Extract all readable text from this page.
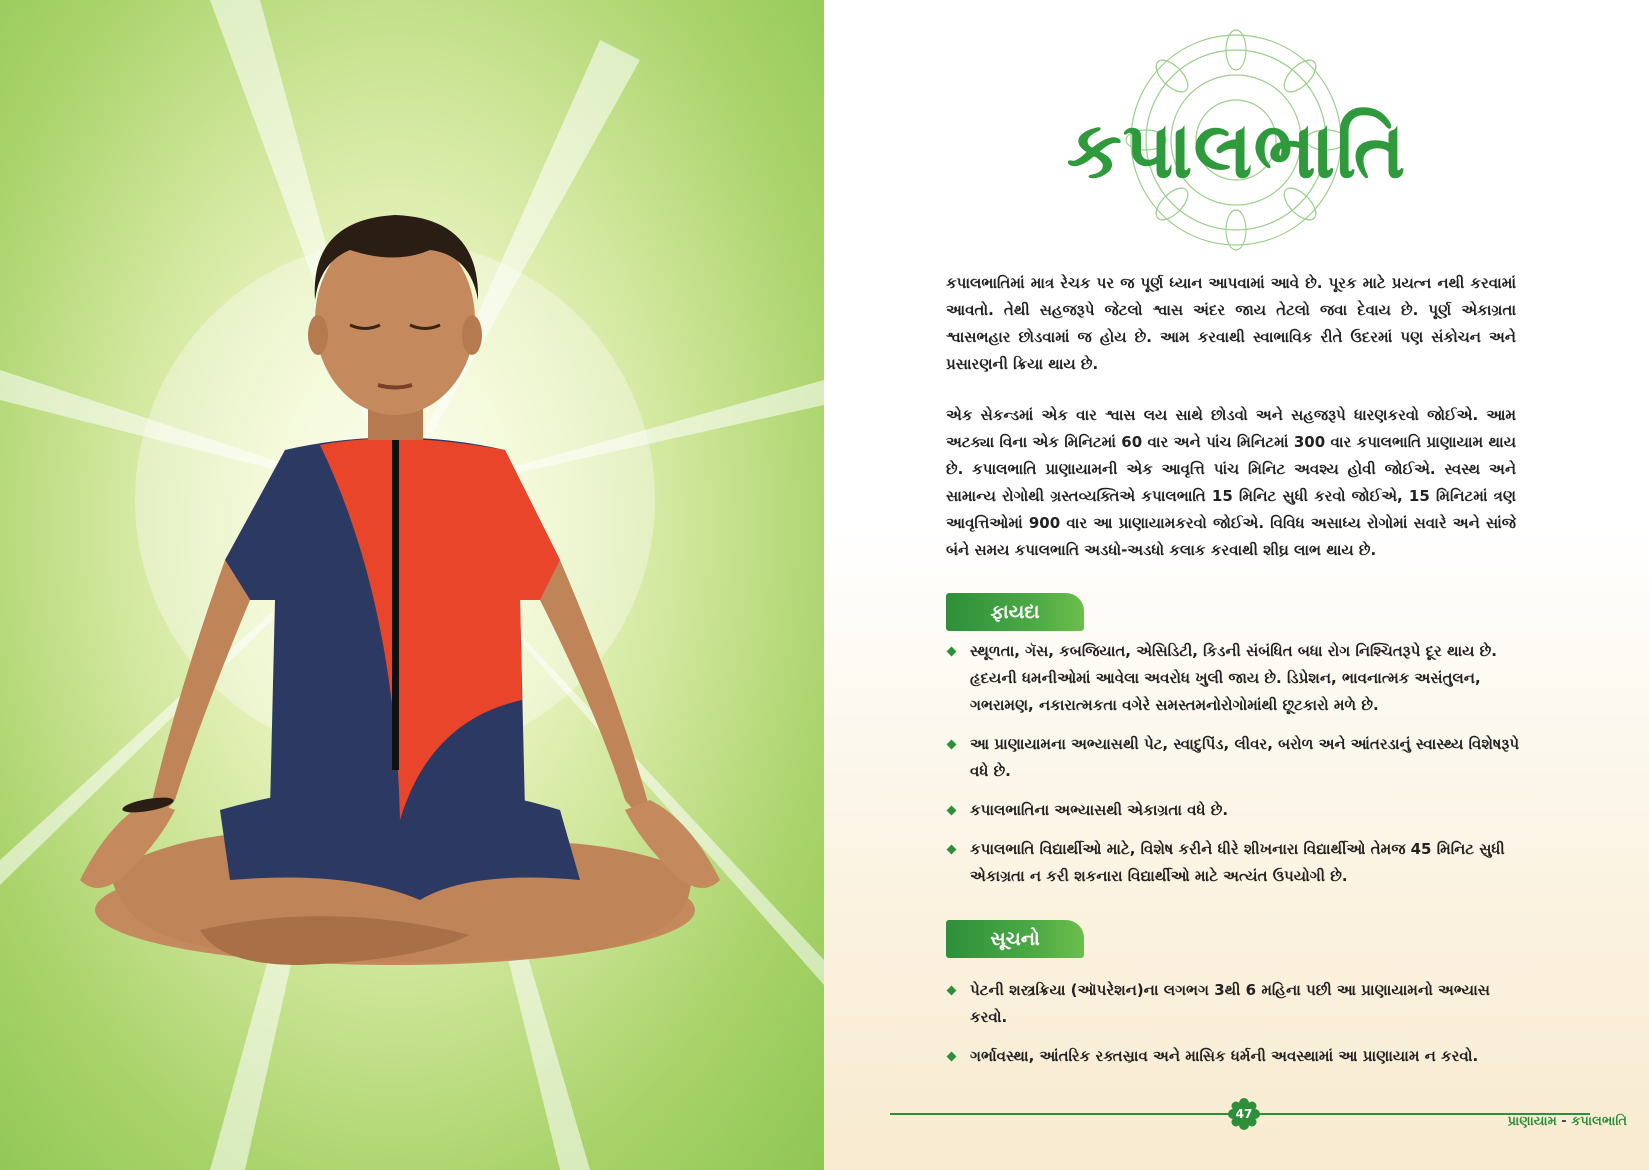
કપાલભાતિ

કપાલભાતિમાં માત્ર રેચક પર જ પૂર્ણ ધ્યાન આપવામાં આવે છે. પૂરક માટે પ્રયત્ન નથી કરવામાં આવતો. તેથી સહજરૂપે જેટલો શ્વાસ અંદર જાય તેટલો જવા દેવાય છે. પૂર્ણ એકાગ્રતા શ્વાસભહાર છોડવામાં જ હોય છે. આમ કરવાથી સ્વાભાવિક રીતે ઉદરમાં પણ સંકોચન અને પ્રસારણની ક્રિયા થાય છે.

એક સેકન્ડમાં એક વાર શ્વાસ લય સાથે છોડવો અને સહજરૂપે ધારણકરવો જોઈએ. આમ અટક્યા વિના એક મિનિટમાં 60 વાર અને પાંચ મિનિટમાં 300 વાર કપાલભાતિ પ્રાણાયામ થાય છે. કપાલભાતિ પ્રાણાયામની એક આવૃત્તિ પાંચ મિનિટ અવશ્ય હોવી જોઈએ. સ્વસ્થ અને સામાન્ય રોગોથી ગ્રસ્તવ્યક્તિએ કપાલભાતિ 15 મિનિટ સુધી કરવો જોઈએ, 15 મિનિટમાં ત્રણ આવૃત્તિઓમાં 900 વાર આ પ્રાણાયામકરવો જોઈએ. વિવિધ અસાધ્ય રોગોમાં સવારે અને સાંજે બંને સમય કપાલભાતિ અડધો-અડધો કલાક કરવાથી શીઘ્ર લાભ થાય છે.

ફાયદા
સ્થૂળતા, ગૅસ, કબજિયાત, એસિડિટી, કિડની સંબંધિત બધા રોગ નિશ્ચિતરૂપે દૂર થાય છે. હૃદયની ધમનીઓમાં આવેલા અવરોધ ખુલી જાય છે. ડિપ્રેશન, ભાવનાત્મક અસંતુલન, ગભરામણ, નકારાત્મકતા વગેરે સમસ્તમનોરોગોમાંથી છૂટકારો મળે છે.
આ પ્રાણાયામના અભ્યાસથી પેટ, સ્વાદુપિંડ, લીવર, બરોળ અને આંતરડાનું સ્વાસ્થ્ય વિશેષરૂપે વધે છે.
કપાલભાતિના અભ્યાસથી એકાગ્રતા વધે છે.
કપાલભાતિ વિદ્યાર્થીઓ માટે, વિશેષ કરીને ધીરે શીખનારા વિદ્યાર્થીઓ તેમજ 45 મિનિટ સુધી એકાગ્રતા ન કરી શકનારા વિદ્યાર્થીઓ માટે અત્યંત ઉપયોગી છે.
સૂચનો
પેટની શસ્ત્રક્રિયા (ઑપરેશન)ના લગભગ 3થી 6 મહિના પછી આ પ્રાણાયામનો અભ્યાસ કરવો.
ગર્ભાવસ્થા, આંતરિક રક્તસ્રાવ અને માસિક ધર્મની અવસ્થામાં આ પ્રાણાયામ ન કરવો.
47	પ્રાણાયામ - કપાલભાતિ
